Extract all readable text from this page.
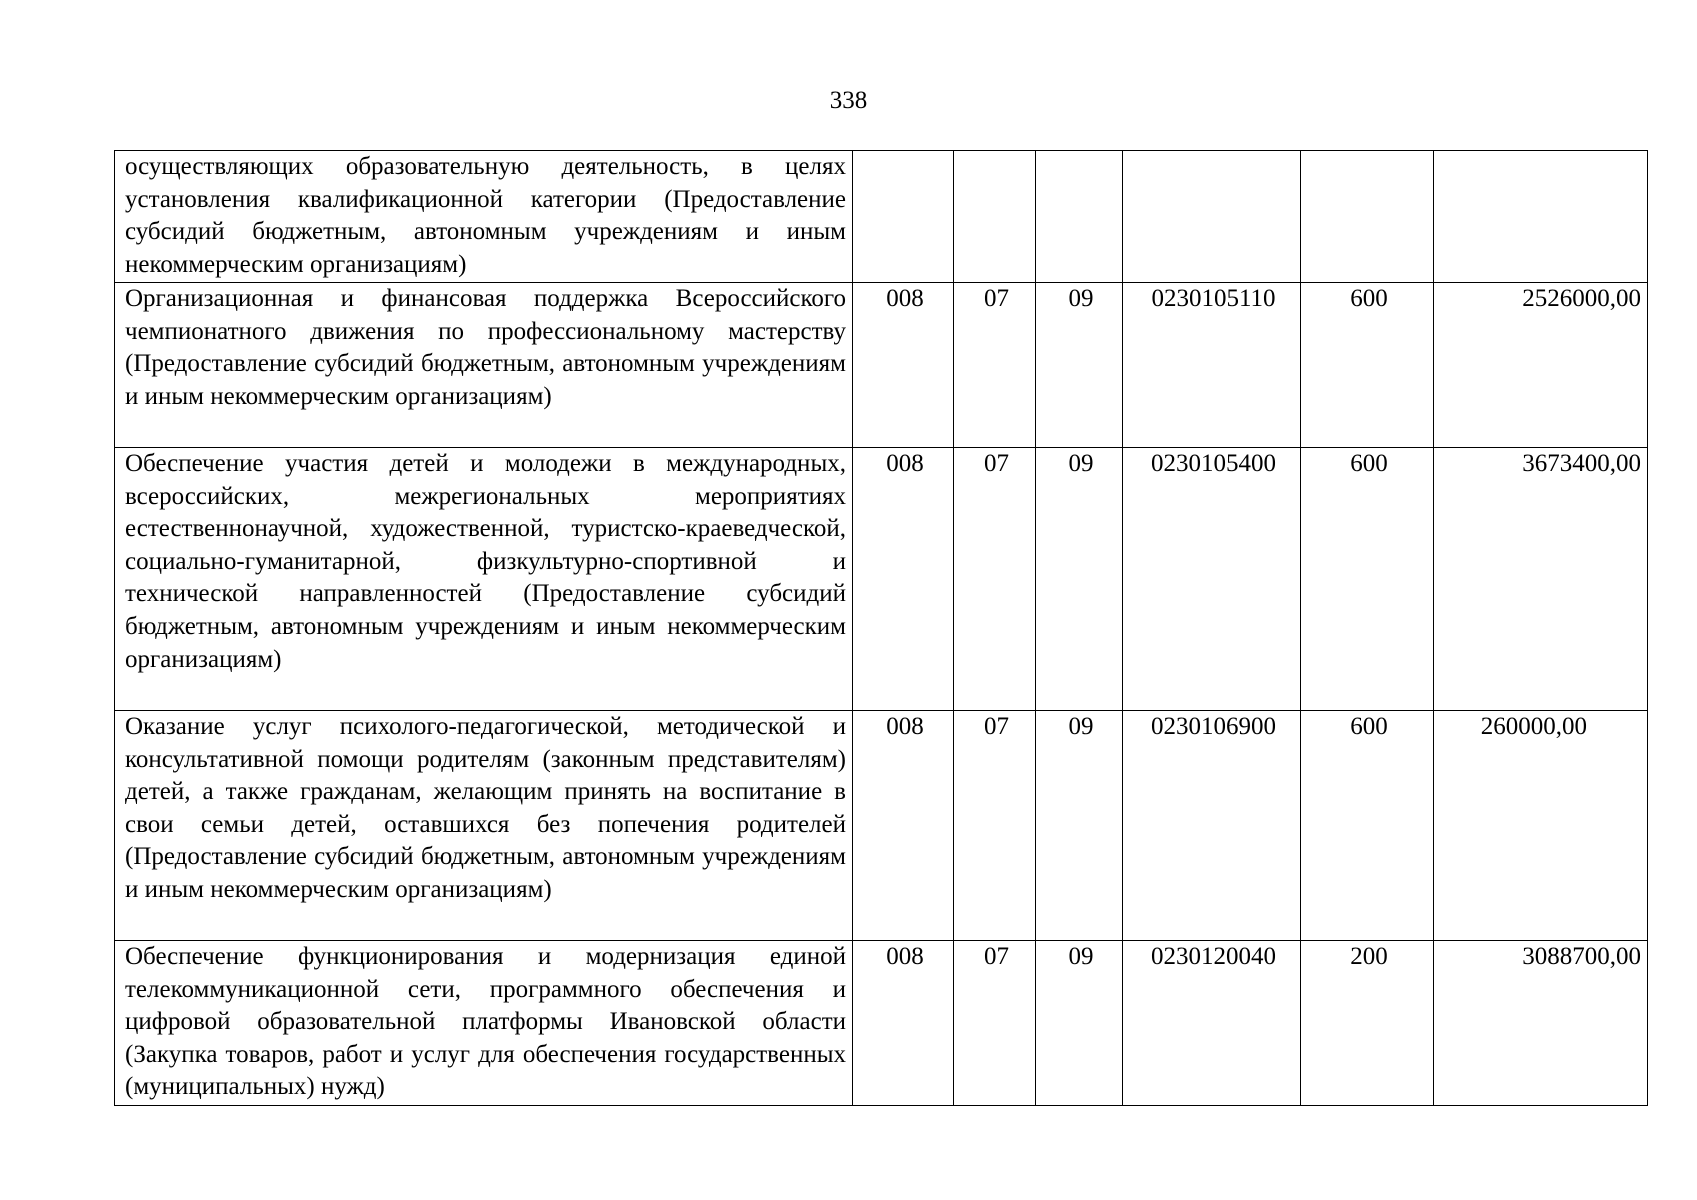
338
осуществляющих образовательную деятельность, в целях установления квалификационной категории (Предоставление субсидий бюджетным, автономным учреждениям и иным некоммерческим организациям)						
Организационная и финансовая поддержка Всероссийского чемпионатного движения по профессиональному мастерству (Предоставление субсидий бюджетным, автономным учреждениям и иным некоммерческим организациям)	008	07	09	0230105110	600	2526000,00
Обеспечение участия детей и молодежи в международных, всероссийских, межрегиональных мероприятиях естественнонаучной, художественной, туристско-краеведческой, социально-гуманитарной, физкультурно-спортивной и технической направленностей (Предоставление субсидий бюджетным, автономным учреждениям и иным некоммерческим организациям)	008	07	09	0230105400	600	3673400,00
Оказание услуг психолого-педагогической, методической и консультативной помощи родителям (законным представителям) детей, а также гражданам, желающим принять на воспитание в свои семьи детей, оставшихся без попечения родителей (Предоставление субсидий бюджетным, автономным учреждениям и иным некоммерческим организациям)	008	07	09	0230106900	600	260000,00
Обеспечение функционирования и модернизация единой телекоммуникационной сети, программного обеспечения и цифровой образовательной платформы Ивановской области (Закупка товаров, работ и услуг для обеспечения государственных (муниципальных) нужд)	008	07	09	0230120040	200	3088700,00
